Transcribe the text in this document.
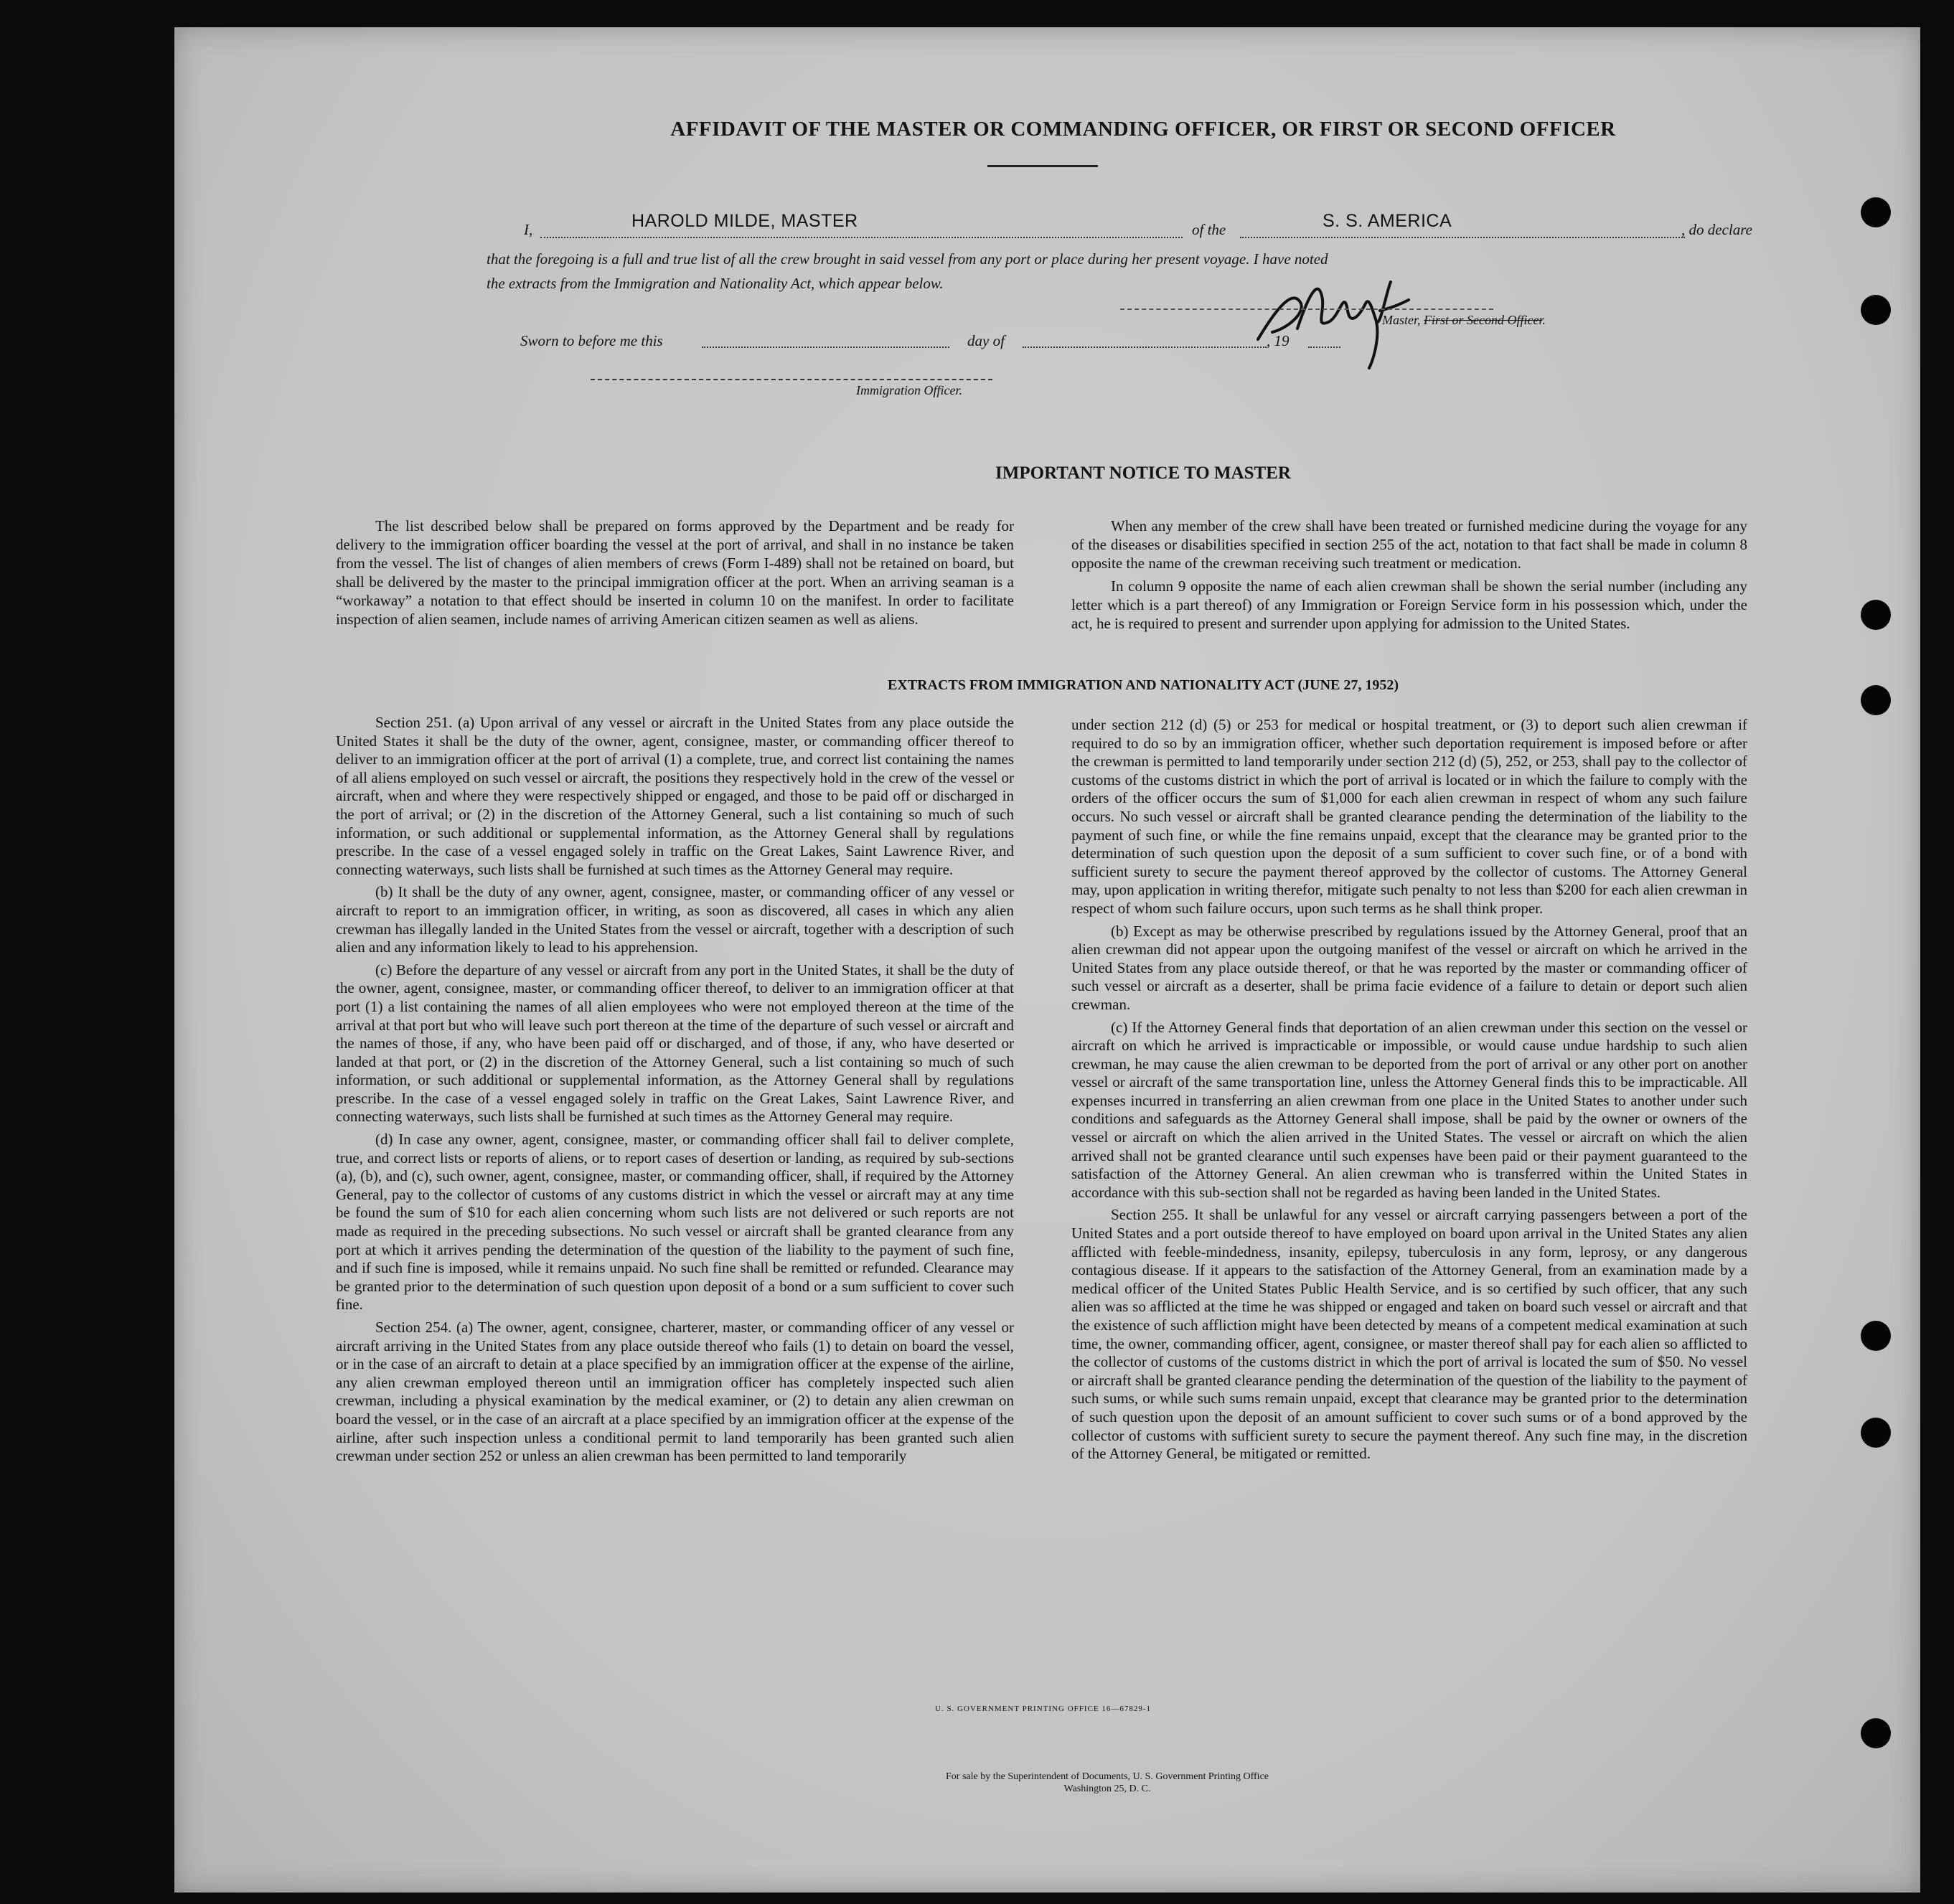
AFFIDAVIT OF THE MASTER OR COMMANDING OFFICER, OR FIRST OR SECOND OFFICER
I,	HAROLD MILDE, MASTER	of the	S. S. AMERICA	, do declare
that the foregoing is a full and true list of all the crew brought in said vessel from any port or place during her present voyage. I have noted
the extracts from the Immigration and Nationality Act, which appear below.
Master, First or Second Officer.
Sworn to before me this	day of	, 19
Immigration Officer.
IMPORTANT NOTICE TO MASTER

The list described below shall be prepared on forms approved by the Department and be ready for delivery to the immigration officer boarding the vessel at the port of arrival, and shall in no instance be taken from the vessel. The list of changes of alien members of crews (Form I-489) shall not be retained on board, but shall be delivered by the master to the principal immigration officer at the port. When an arriving seaman is a “workaway” a notation to that effect should be inserted in column 10 on the manifest. In order to facilitate inspection of alien seamen, include names of arriving American citizen seamen as well as aliens.

When any member of the crew shall have been treated or furnished medicine during the voyage for any of the diseases or disabilities specified in section 255 of the act, notation to that fact shall be made in column 8 opposite the name of the crewman receiving such treatment or medication.

In column 9 opposite the name of each alien crewman shall be shown the serial number (including any letter which is a part thereof) of any Immigration or Foreign Service form in his possession which, under the act, he is required to present and surrender upon applying for admission to the United States.

EXTRACTS FROM IMMIGRATION AND NATIONALITY ACT (JUNE 27, 1952)

Section 251. (a) Upon arrival of any vessel or aircraft in the United States from any place outside the United States it shall be the duty of the owner, agent, consignee, master, or commanding officer thereof to deliver to an immigration officer at the port of arrival (1) a complete, true, and correct list containing the names of all aliens employed on such vessel or aircraft, the positions they respectively hold in the crew of the vessel or aircraft, when and where they were respectively shipped or engaged, and those to be paid off or discharged in the port of arrival; or (2) in the discretion of the Attorney General, such a list containing so much of such information, or such additional or supplemental information, as the Attorney General shall by regulations prescribe. In the case of a vessel engaged solely in traffic on the Great Lakes, Saint Lawrence River, and connecting waterways, such lists shall be furnished at such times as the Attorney General may require.

(b) It shall be the duty of any owner, agent, consignee, master, or commanding officer of any vessel or aircraft to report to an immigration officer, in writing, as soon as discovered, all cases in which any alien crewman has illegally landed in the United States from the vessel or aircraft, together with a description of such alien and any information likely to lead to his apprehension.

(c) Before the departure of any vessel or aircraft from any port in the United States, it shall be the duty of the owner, agent, consignee, master, or commanding officer thereof, to deliver to an immigration officer at that port (1) a list containing the names of all alien employees who were not employed thereon at the time of the arrival at that port but who will leave such port thereon at the time of the departure of such vessel or aircraft and the names of those, if any, who have been paid off or discharged, and of those, if any, who have deserted or landed at that port, or (2) in the discretion of the Attorney General, such a list containing so much of such information, or such additional or supplemental information, as the Attorney General shall by regulations prescribe. In the case of a vessel engaged solely in traffic on the Great Lakes, Saint Lawrence River, and connecting waterways, such lists shall be furnished at such times as the Attorney General may require.

(d) In case any owner, agent, consignee, master, or commanding officer shall fail to deliver complete, true, and correct lists or reports of aliens, or to report cases of desertion or landing, as required by sub-sections (a), (b), and (c), such owner, agent, consignee, master, or commanding officer, shall, if required by the Attorney General, pay to the collector of customs of any customs district in which the vessel or aircraft may at any time be found the sum of $10 for each alien concerning whom such lists are not delivered or such reports are not made as required in the preceding subsections. No such vessel or aircraft shall be granted clearance from any port at which it arrives pending the determination of the question of the liability to the payment of such fine, and if such fine is imposed, while it remains unpaid. No such fine shall be remitted or refunded. Clearance may be granted prior to the determination of such question upon deposit of a bond or a sum sufficient to cover such fine.

Section 254. (a) The owner, agent, consignee, charterer, master, or commanding officer of any vessel or aircraft arriving in the United States from any place outside thereof who fails (1) to detain on board the vessel, or in the case of an aircraft to detain at a place specified by an immigration officer at the expense of the airline, any alien crewman employed thereon until an immigration officer has completely inspected such alien crewman, including a physical examination by the medical examiner, or (2) to detain any alien crewman on board the vessel, or in the case of an aircraft at a place specified by an immigration officer at the expense of the airline, after such inspection unless a conditional permit to land temporarily has been granted such alien crewman under section 252 or unless an alien crewman has been permitted to land temporarily

under section 212 (d) (5) or 253 for medical or hospital treatment, or (3) to deport such alien crewman if required to do so by an immigration officer, whether such deportation requirement is imposed before or after the crewman is permitted to land temporarily under section 212 (d) (5), 252, or 253, shall pay to the collector of customs of the customs district in which the port of arrival is located or in which the failure to comply with the orders of the officer occurs the sum of $1,000 for each alien crewman in respect of whom any such failure occurs. No such vessel or aircraft shall be granted clearance pending the determination of the liability to the payment of such fine, or while the fine remains unpaid, except that the clearance may be granted prior to the determination of such question upon the deposit of a sum sufficient to cover such fine, or of a bond with sufficient surety to secure the payment thereof approved by the collector of customs. The Attorney General may, upon application in writing therefor, mitigate such penalty to not less than $200 for each alien crewman in respect of whom such failure occurs, upon such terms as he shall think proper.

(b) Except as may be otherwise prescribed by regulations issued by the Attorney General, proof that an alien crewman did not appear upon the outgoing manifest of the vessel or aircraft on which he arrived in the United States from any place outside thereof, or that he was reported by the master or commanding officer of such vessel or aircraft as a deserter, shall be prima facie evidence of a failure to detain or deport such alien crewman.

(c) If the Attorney General finds that deportation of an alien crewman under this section on the vessel or aircraft on which he arrived is impracticable or impossible, or would cause undue hardship to such alien crewman, he may cause the alien crewman to be deported from the port of arrival or any other port on another vessel or aircraft of the same transportation line, unless the Attorney General finds this to be impracticable. All expenses incurred in transferring an alien crewman from one place in the United States to another under such conditions and safeguards as the Attorney General shall impose, shall be paid by the owner or owners of the vessel or aircraft on which the alien arrived in the United States. The vessel or aircraft on which the alien arrived shall not be granted clearance until such expenses have been paid or their payment guaranteed to the satisfaction of the Attorney General. An alien crewman who is transferred within the United States in accordance with this sub-section shall not be regarded as having been landed in the United States.

Section 255. It shall be unlawful for any vessel or aircraft carrying passengers between a port of the United States and a port outside thereof to have employed on board upon arrival in the United States any alien afflicted with feeble-mindedness, insanity, epilepsy, tuberculosis in any form, leprosy, or any dangerous contagious disease. If it appears to the satisfaction of the Attorney General, from an examination made by a medical officer of the United States Public Health Service, and is so certified by such officer, that any such alien was so afflicted at the time he was shipped or engaged and taken on board such vessel or aircraft and that the existence of such affliction might have been detected by means of a competent medical examination at such time, the owner, commanding officer, agent, consignee, or master thereof shall pay for each alien so afflicted to the collector of customs of the customs district in which the port of arrival is located the sum of $50. No vessel or aircraft shall be granted clearance pending the determination of the question of the liability to the payment of such sums, or while such sums remain unpaid, except that clearance may be granted prior to the determination of such question upon the deposit of an amount sufficient to cover such sums or of a bond approved by the collector of customs with sufficient surety to secure the payment thereof. Any such fine may, in the discretion of the Attorney General, be mitigated or remitted.

U. S. GOVERNMENT PRINTING OFFICE 16—67829-1
For sale by the Superintendent of Documents, U. S. Government Printing Office
Washington 25, D. C.
